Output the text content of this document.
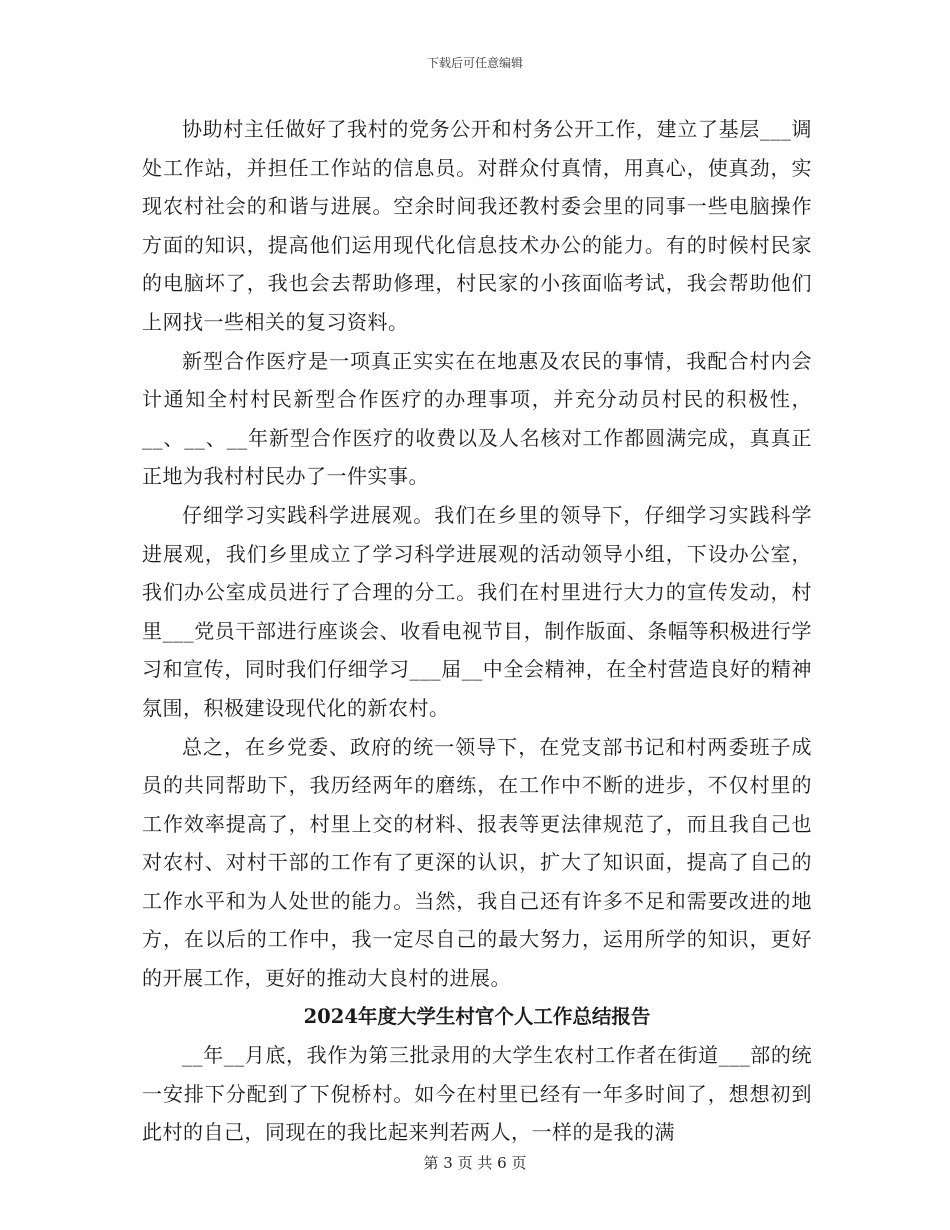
下载后可任意编辑

协助村主任做好了我村的党务公开和村务公开工作，建立了基层___调处工作站，并担任工作站的信息员。对群众付真情，用真心，使真劲，实现农村社会的和谐与进展。空余时间我还教村委会里的同事一些电脑操作方面的知识，提高他们运用现代化信息技术办公的能力。有的时候村民家的电脑坏了，我也会去帮助修理，村民家的小孩面临考试，我会帮助他们上网找一些相关的复习资料。

新型合作医疗是一项真正实实在在地惠及农民的事情，我配合村内会计通知全村村民新型合作医疗的办理事项，并充分动员村民的积极性，__、__、__年新型合作医疗的收费以及人名核对工作都圆满完成，真真正正地为我村村民办了一件实事。

仔细学习实践科学进展观。我们在乡里的领导下，仔细学习实践科学进展观，我们乡里成立了学习科学进展观的活动领导小组，下设办公室，我们办公室成员进行了合理的分工。我们在村里进行大力的宣传发动，村里___党员干部进行座谈会、收看电视节目，制作版面、条幅等积极进行学习和宣传，同时我们仔细学习___届__中全会精神，在全村营造良好的精神氛围，积极建设现代化的新农村。

总之，在乡党委、政府的统一领导下，在党支部书记和村两委班子成员的共同帮助下，我历经两年的磨练，在工作中不断的进步，不仅村里的工作效率提高了，村里上交的材料、报表等更法律规范了，而且我自己也对农村、对村干部的工作有了更深的认识，扩大了知识面，提高了自己的工作水平和为人处世的能力。当然，我自己还有许多不足和需要改进的地方，在以后的工作中，我一定尽自己的最大努力，运用所学的知识，更好的开展工作，更好的推动大良村的进展。

2024年度大学生村官个人工作总结报告

__年__月底，我作为第三批录用的大学生农村工作者在街道___部的统一安排下分配到了下倪桥村。如今在村里已经有一年多时间了，想想初到此村的自己，同现在的我比起来判若两人，一样的是我的满

第 3 页 共 6 页
